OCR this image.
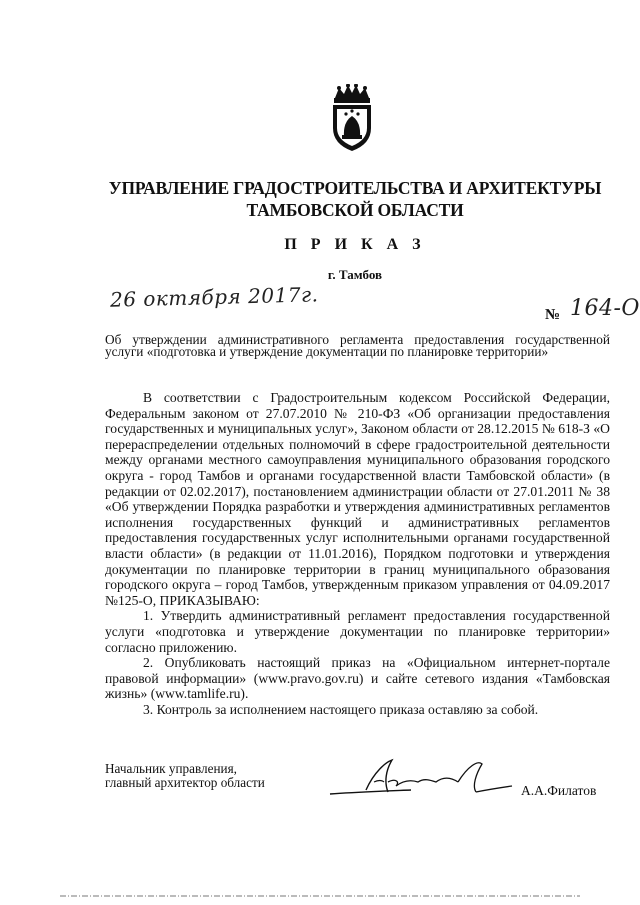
УПРАВЛЕНИЕ ГРАДОСТРОИТЕЛЬСТВА И АРХИТЕКТУРЫ
ТАМБОВСКОЙ ОБЛАСТИ
П Р И К А З
г. Тамбов
26 октября 2017г.
№ 164-О
Об утверждении административного регламента предоставления государственной услуги «подготовка и утверждение документации по планировке территории»

В соответствии с Градостроительным кодексом Российской Федерации, Федеральным законом от 27.07.2010 № 210-ФЗ «Об организации предоставления государственных и муниципальных услуг», Законом области от 28.12.2015 № 618-З «О перераспределении отдельных полномочий в сфере градостроительной деятельности между органами местного самоуправления муниципального образования городского округа - город Тамбов и органами государственной власти Тамбовской области» (в редакции от 02.02.2017), постановлением администрации области от 27.01.2011 № 38 «Об утверждении Порядка разработки и утверждения административных регламентов исполнения государственных функций и административных регламентов предоставления государственных услуг исполнительными органами государственной власти области» (в редакции от 11.01.2016), Порядком подготовки и утверждения документации по планировке территории в границ муниципального образования городского округа – город Тамбов, утвержденным приказом управления от 04.09.2017 №125-О, ПРИКАЗЫВАЮ:

1. Утвердить административный регламент предоставления государственной услуги «подготовка и утверждение документации по планировке территории» согласно приложению.

2. Опубликовать настоящий приказ на «Официальном интернет-портале правовой информации» (www.pravo.gov.ru) и сайте сетевого издания «Тамбовская жизнь» (www.tamlife.ru).

3. Контроль за исполнением настоящего приказа оставляю за собой.

Начальник управления,
главный архитектор области
А.А.Филатов
